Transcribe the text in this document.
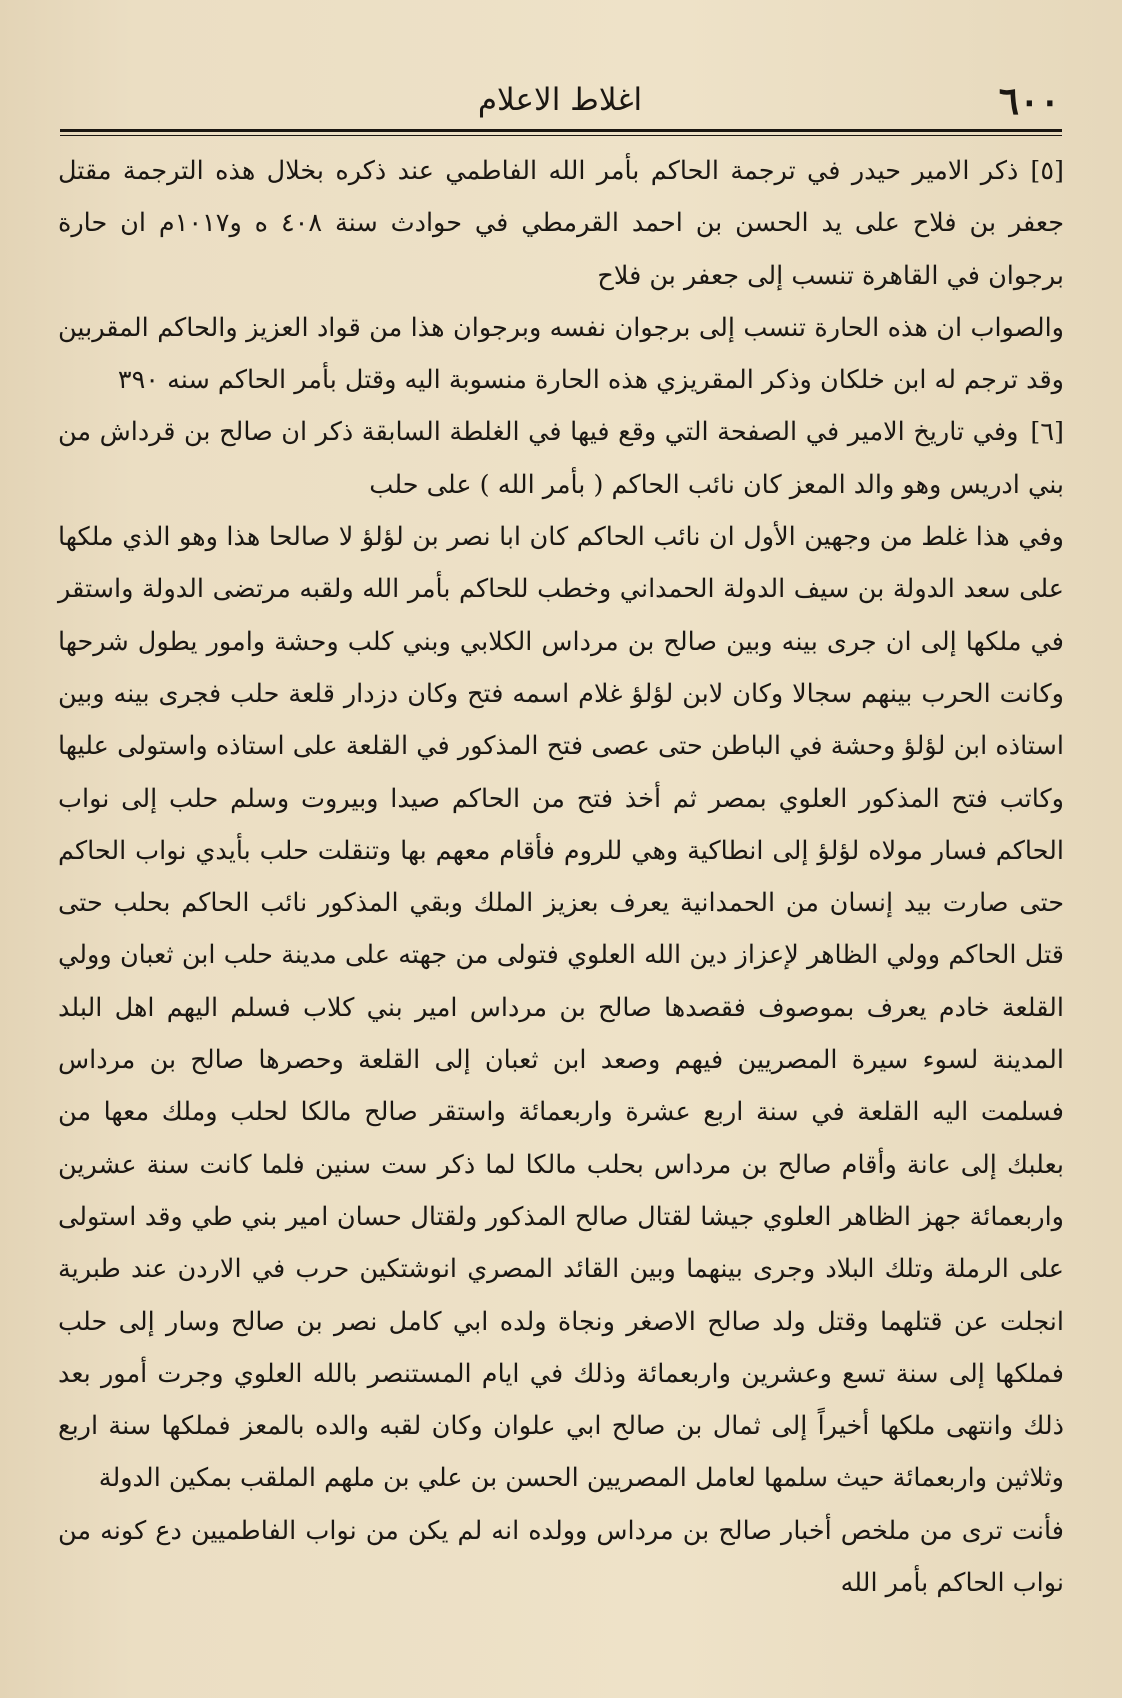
٦٠٠
اغلاط الاعلام

[٥]ذكر الامير حيدر في ترجمة الحاكم بأمر الله الفاطمي عند ذكره بخلال هذه الترجمة مقتل جعفر بن فلاح على يد الحسن بن احمد القرمطي في حوادث سنة ٤٠٨ ه و١٠١٧م ان حارة برجوان في القاهرة تنسب إلى جعفر بن فلاح

والصواب ان هذه الحارة تنسب إلى برجوان نفسه وبرجوان هذا من قواد العزيز والحاكم المقربين وقد ترجم له ابن خلكان وذكر المقريزي هذه الحارة منسوبة اليه وقتل بأمر الحاكم سنه ٣٩٠

[٦]وفي تاريخ الامير في الصفحة التي وقع فيها في الغلطة السابقة ذكر ان صالح بن قرداش من بني ادريس وهو والد المعز كان نائب الحاكم ( بأمر الله ) على حلب

وفي هذا غلط من وجهين الأول ان نائب الحاكم كان ابا نصر بن لؤلؤ لا صالحا هذا وهو الذي ملكها على سعد الدولة بن سيف الدولة الحمداني وخطب للحاكم بأمر الله ولقبه مرتضى الدولة واستقر في ملكها إلى ان جرى بينه وبين صالح بن مرداس الكلابي وبني كلب وحشة وامور يطول شرحها وكانت الحرب بينهم سجالا وكان لابن لؤلؤ غلام اسمه فتح وكان دزدار قلعة حلب فجرى بينه وبين استاذه ابن لؤلؤ وحشة في الباطن حتى عصى فتح المذكور في القلعة على استاذه واستولى عليها وكاتب فتح المذكور العلوي بمصر ثم أخذ فتح من الحاكم صيدا وبيروت وسلم حلب إلى نواب الحاكم فسار مولاه لؤلؤ إلى انطاكية وهي للروم فأقام معهم بها وتنقلت حلب بأيدي نواب الحاكم حتى صارت بيد إنسان من الحمدانية يعرف بعزيز الملك وبقي المذكور نائب الحاكم بحلب حتى قتل الحاكم وولي الظاهر لإعزاز دين الله العلوي فتولى من جهته على مدينة حلب ابن ثعبان وولي القلعة خادم يعرف بموصوف فقصدها صالح بن مرداس امير بني كلاب فسلم اليهم اهل البلد المدينة لسوء سيرة المصريين فيهم وصعد ابن ثعبان إلى القلعة وحصرها صالح بن مرداس فسلمت اليه القلعة في سنة اربع عشرة واربعمائة واستقر صالح مالكا لحلب وملك معها من بعلبك إلى عانة وأقام صالح بن مرداس بحلب مالكا لما ذكر ست سنين فلما كانت سنة عشرين واربعمائة جهز الظاهر العلوي جيشا لقتال صالح المذكور ولقتال حسان امير بني طي وقد استولى على الرملة وتلك البلاد وجرى بينهما وبين القائد المصري انوشتكين حرب في الاردن عند طبرية انجلت عن قتلهما وقتل ولد صالح الاصغر ونجاة ولده ابي كامل نصر بن صالح وسار إلى حلب فملكها إلى سنة تسع وعشرين واربعمائة وذلك في ايام المستنصر بالله العلوي وجرت أمور بعد ذلك وانتهى ملكها أخيراً إلى ثمال بن صالح ابي علوان وكان لقبه والده بالمعز فملكها سنة اربع وثلاثين واربعمائة حيث سلمها لعامل المصريين الحسن بن علي بن ملهم الملقب بمكين الدولة

فأنت ترى من ملخص أخبار صالح بن مرداس وولده انه لم يكن من نواب الفاطميين دع كونه من نواب الحاكم بأمر الله
